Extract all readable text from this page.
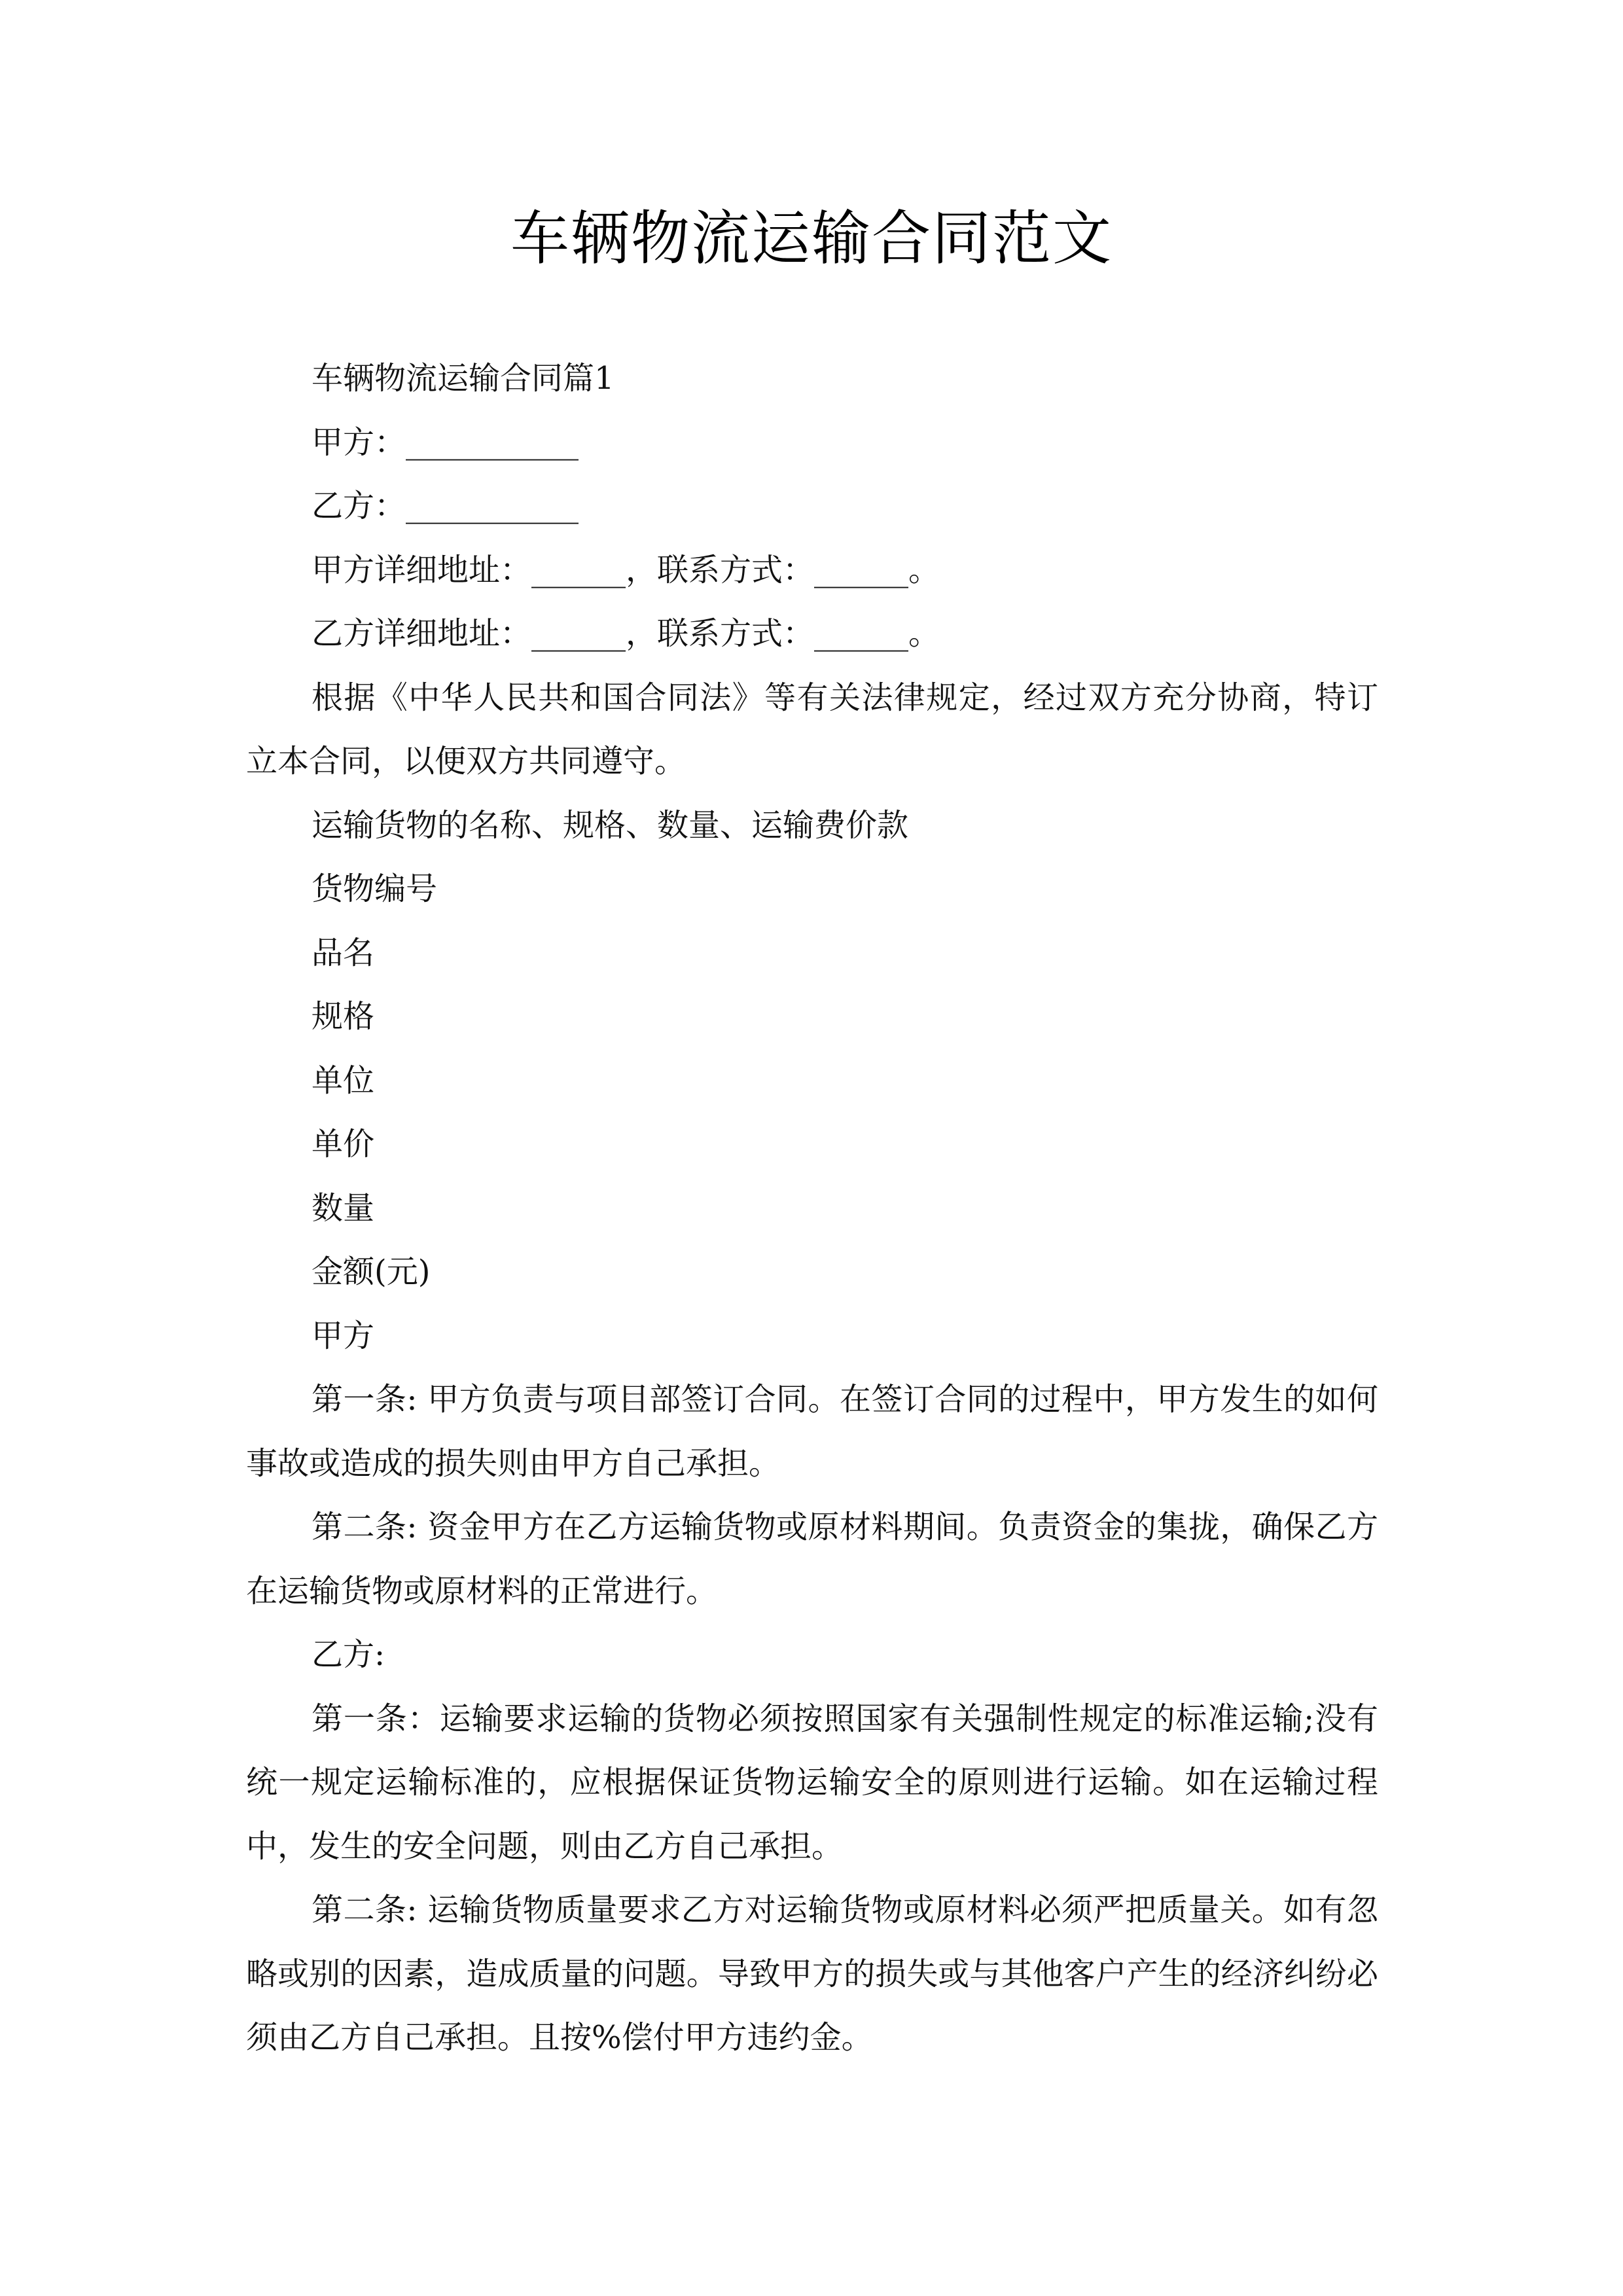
车辆物流运输合同范文

车辆物流运输合同篇1

甲方：___________

乙方：___________

甲方详细地址：______，联系方式：______。

乙方详细地址：______，联系方式：______。

根据《中华人民共和国合同法》等有关法律规定，经过双方充分协商，特订立本合同，以便双方共同遵守。

运输货物的名称、规格、数量、运输费价款

货物编号

品名

规格

单位

单价

数量

金额(元)

甲方

第一条: 甲方负责与项目部签订合同。在签订合同的过程中，甲方发生的如何事故或造成的损失则由甲方自己承担。

第二条: 资金甲方在乙方运输货物或原材料期间。负责资金的集拢，确保乙方在运输货物或原材料的正常进行。

乙方:

第一条：运输要求运输的货物必须按照国家有关强制性规定的标准运输;没有统一规定运输标准的，应根据保证货物运输安全的原则进行运输。如在运输过程中，发生的安全问题，则由乙方自己承担。

第二条: 运输货物质量要求乙方对运输货物或原材料必须严把质量关。如有忽略或别的因素，造成质量的问题。导致甲方的损失或与其他客户产生的经济纠纷必须由乙方自己承担。且按%偿付甲方违约金。
